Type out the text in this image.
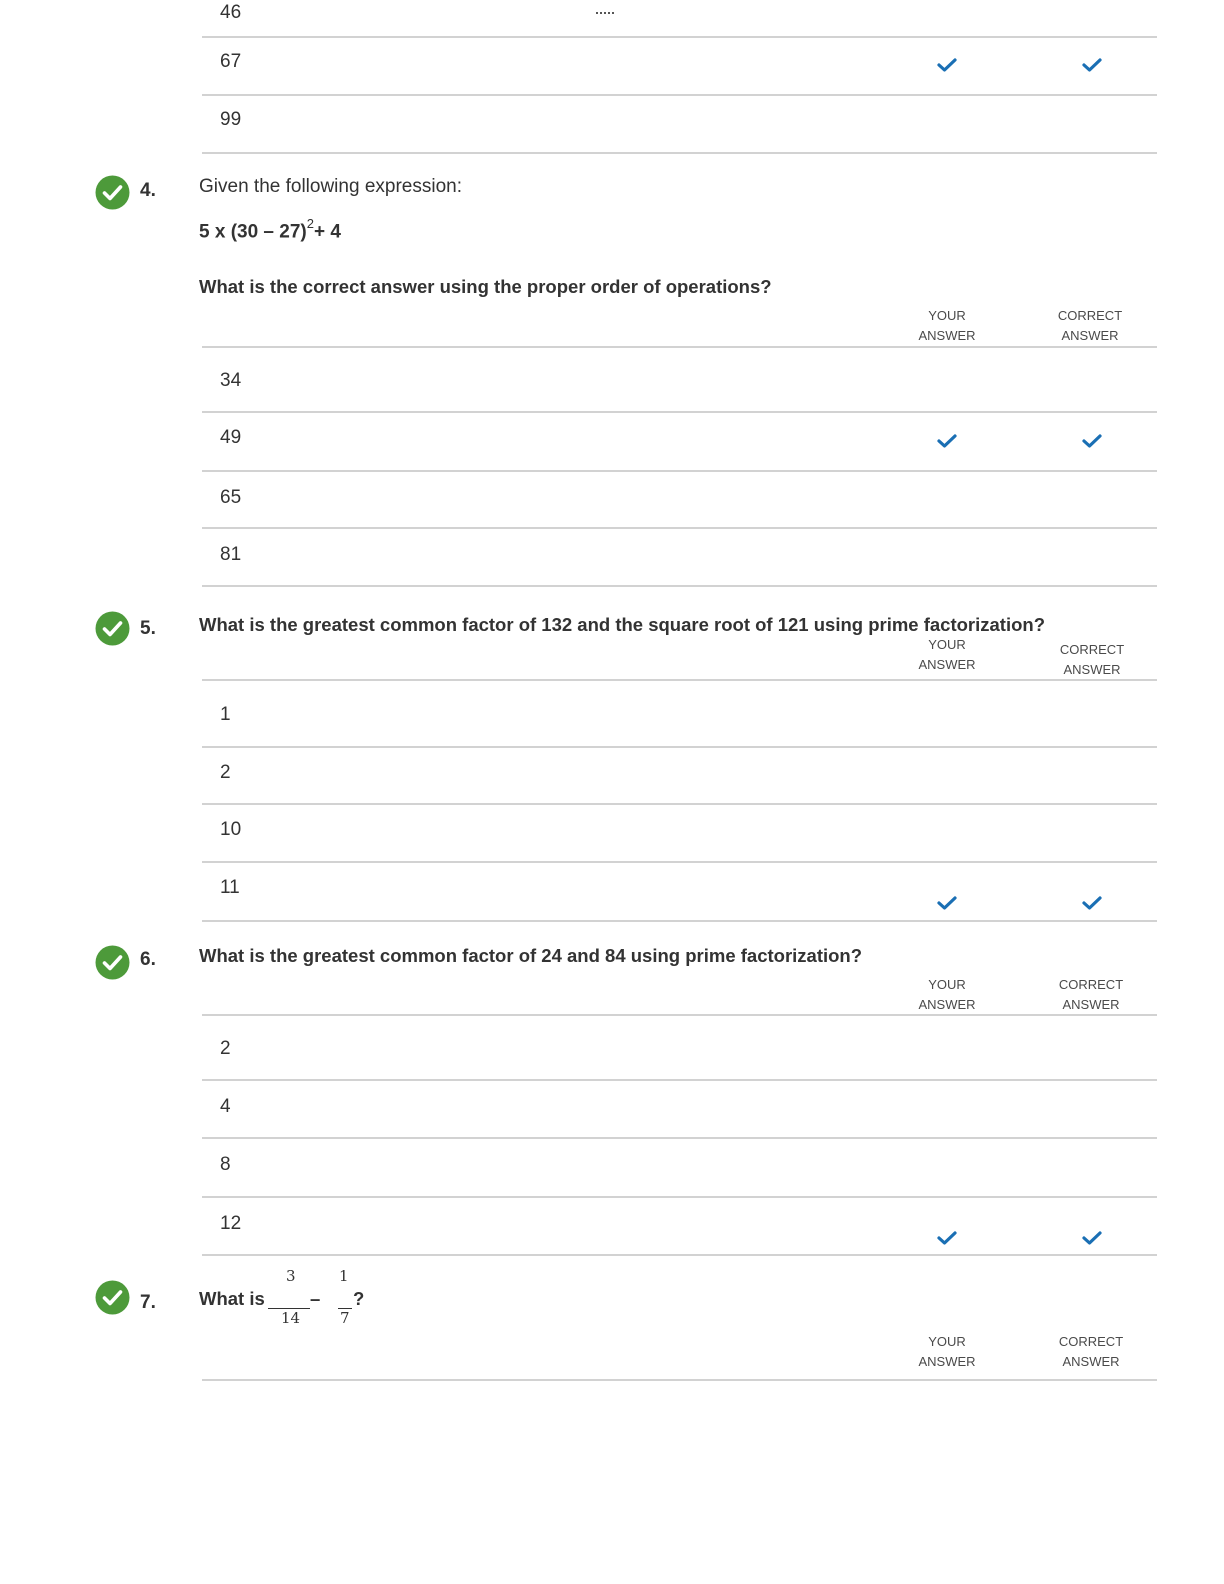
46
67
99
4. Given the following expression:
5 x (30 – 27)$^2$+ 4
What is the correct answer using the proper order of operations?
YOUR ANSWER
CORRECT ANSWER
34
49
65
81
5. What is the greatest common factor of 132 and the square root of 121 using prime factorization?
YOUR ANSWER
CORRECT ANSWER
1
2
10
11
6. What is the greatest common factor of 24 and 84 using prime factorization?
YOUR ANSWER
CORRECT ANSWER
2
4
8
12
7. What is
3
14
–
1
7
?
YOUR ANSWER
CORRECT ANSWER
